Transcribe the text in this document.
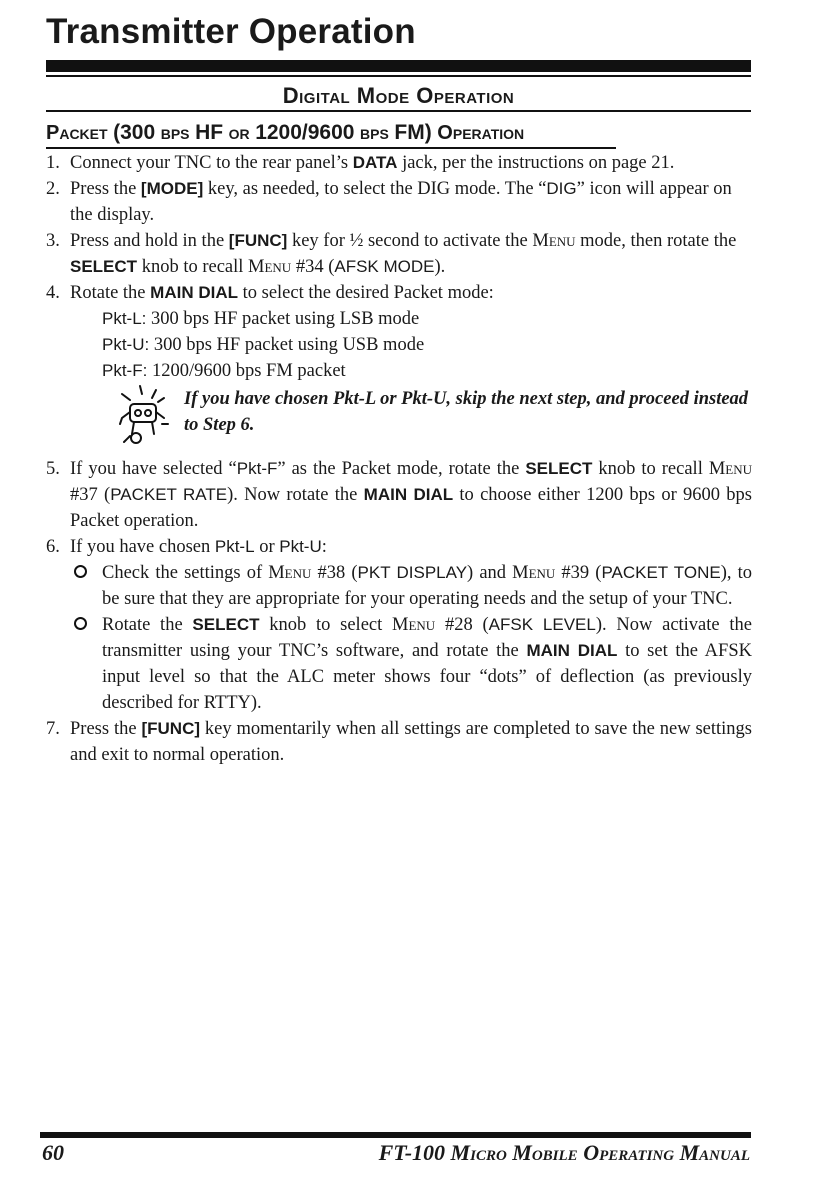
Transmitter Operation
Digital Mode Operation
Packet (300 bps HF or 1200/9600 bps FM) Operation
1. Connect your TNC to the rear panel’s DATA jack, per the instructions on page 21.
2. Press the [MODE] key, as needed, to select the DIG mode. The “DIG” icon will appear on the display.
3. Press and hold in the [FUNC] key for ½ second to activate the Menu mode, then rotate the SELECT knob to recall Menu #34 (AFSK MODE).
4. Rotate the MAIN DIAL to select the desired Packet mode:
Pkt-L: 300 bps HF packet using LSB mode
Pkt-U: 300 bps HF packet using USB mode
Pkt-F: 1200/9600 bps FM packet
If you have chosen Pkt-L or Pkt-U, skip the next step, and proceed instead to Step 6.
5. If you have selected “Pkt-F” as the Packet mode, rotate the SELECT knob to recall Menu #37 (PACKET RATE). Now rotate the MAIN DIAL to choose either 1200 bps or 9600 bps Packet operation.
6. If you have chosen Pkt-L or Pkt-U:
Check the settings of Menu #38 (PKT DISPLAY) and Menu #39 (PACKET TONE), to be sure that they are appropriate for your operating needs and the setup of your TNC.
Rotate the SELECT knob to select Menu #28 (AFSK LEVEL). Now activate the transmitter using your TNC’s software, and rotate the MAIN DIAL to set the AFSK input level so that the ALC meter shows four “dots” of deflection (as previously described for RTTY).
7. Press the [FUNC] key momentarily when all settings are completed to save the new settings and exit to normal operation.
60	FT-100 Micro Mobile Operating Manual
